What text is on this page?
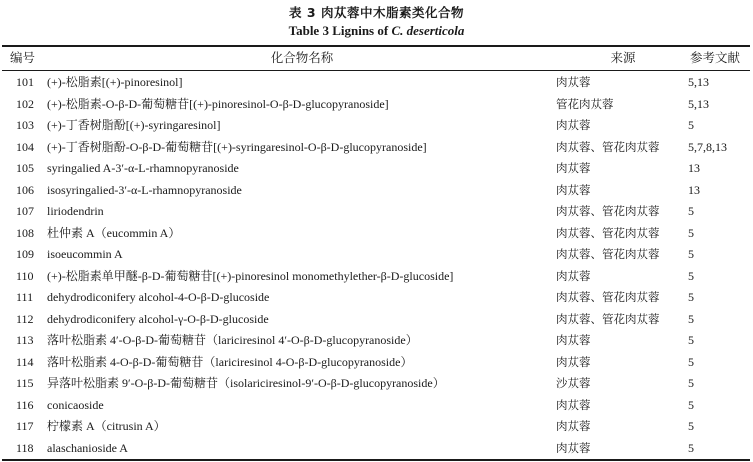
表 3 肉苁蓉中木脂素类化合物
Table 3 Lignins of C. deserticola
编号	化合物名称	来源	参考文献
101 (+)-松脂素[(+)-pinoresinol]	肉苁蓉	5,13
102 (+)-松脂素-O-β-D-葡萄糖苷[(+)-pinoresinol-O-β-D-glucopyranoside]	管花肉苁蓉	5,13
103 (+)-丁香树脂酚[(+)-syringaresinol]	肉苁蓉	5
104 (+)-丁香树脂酚-O-β-D-葡萄糖苷[(+)-syringaresinol-O-β-D-glucopyranoside]	肉苁蓉、管花肉苁蓉 5,7,8,13
105 syringalied A-3′-α-L-rhamnopyranoside	肉苁蓉	13
106 isosyringalied-3′-α-L-rhamnopyranoside	肉苁蓉	13
107 liriodendrin	肉苁蓉、管花肉苁蓉 5
108 杜仲素 A（eucommin A）	肉苁蓉、管花肉苁蓉 5
109 isoeucommin A	肉苁蓉、管花肉苁蓉 5
110 (+)-松脂素单甲醚-β-D-葡萄糖苷[(+)-pinoresinol monomethylether-β-D-glucoside]	肉苁蓉	5
111 dehydrodiconifery alcohol-4-O-β-D-glucoside	肉苁蓉、管花肉苁蓉 5
112 dehydrodiconifery alcohol-γ-O-β-D-glucoside	肉苁蓉、管花肉苁蓉 5
113 落叶松脂素 4′-O-β-D-葡萄糖苷（lariciresinol 4′-O-β-D-glucopyranoside）	肉苁蓉	5
114 落叶松脂素 4-O-β-D-葡萄糖苷（lariciresinol 4-O-β-D-glucopyranoside）	肉苁蓉	5
115 异落叶松脂素 9′-O-β-D-葡萄糖苷（isolariciresinol-9′-O-β-D-glucopyranoside）	沙苁蓉	5
116 conicaoside	肉苁蓉	5
117 柠檬素 A（citrusin A）	肉苁蓉	5
118 alaschanioside A	肉苁蓉	5
